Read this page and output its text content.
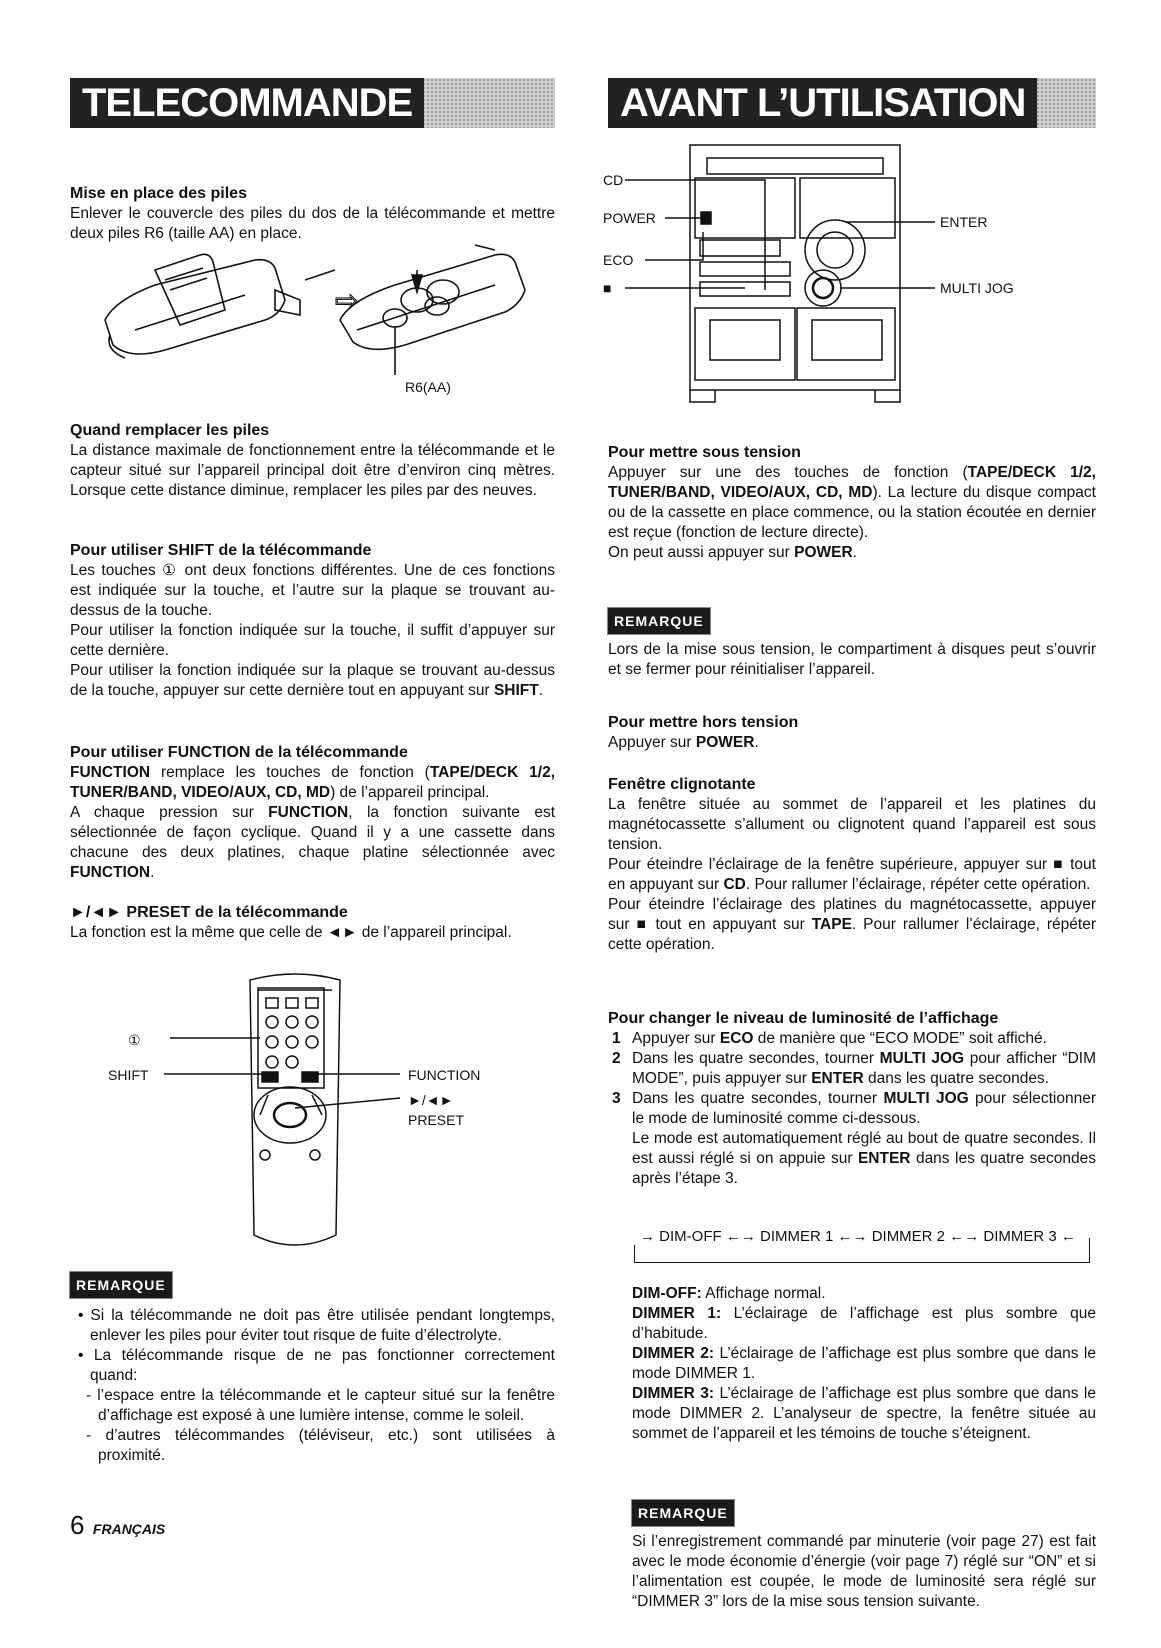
TELECOMMANDE	AVANT L’UTILISATION
Mise en place des piles

Enlever le couvercle des piles du dos de la télécommande et mettre deux piles R6 (taille AA) en place.

⇨
R6(AA)
Quand remplacer les piles

La distance maximale de fonctionnement entre la télécommande et le capteur situé sur l’appareil principal doit être d’environ cinq mètres. Lorsque cette distance diminue, remplacer les piles par des neuves.

Pour utiliser SHIFT de la télécommande

Les touches ① ont deux fonctions différentes. Une de ces fonctions est indiquée sur la touche, et l’autre sur la plaque se trouvant au-dessus de la touche.

Pour utiliser la fonction indiquée sur la touche, il suffit d’appuyer sur cette dernière.

Pour utiliser la fonction indiquée sur la plaque se trouvant au-dessus de la touche, appuyer sur cette dernière tout en appuyant sur SHIFT.

Pour utiliser FUNCTION de la télécommande

FUNCTION remplace les touches de fonction (TAPE/DECK 1/2, TUNER/BAND, VIDEO/AUX, CD, MD) de l’appareil principal.

A chaque pression sur FUNCTION, la fonction suivante est sélectionnée de façon cyclique. Quand il y a une cassette dans chacune des deux platines, chaque platine sélectionnée avec FUNCTION.

►/◄► PRESET de la télécommande

La fonction est la même que celle de ◄► de l’appareil principal.

①
SHIFT	FUNCTION
►/◄►
PRESET
REMARQUE

• Si la télécommande ne doit pas être utilisée pendant longtemps, enlever les piles pour éviter tout risque de fuite d’électrolyte.

• La télécommande risque de ne pas fonctionner correctement quand:

- l’espace entre la télécommande et le capteur situé sur la fenêtre d’affichage est exposé à une lumière intense, comme le soleil.

- d’autres télécommandes (téléviseur, etc.) sont utilisées à proximité.

6 FRANÇAIS
CD
POWER
ECO
■
ENTER
MULTI JOG
Pour mettre sous tension

Appuyer sur une des touches de fonction (TAPE/DECK 1/2, TUNER/BAND, VIDEO/AUX, CD, MD). La lecture du disque compact ou de la cassette en place commence, ou la station écoutée en dernier est reçue (fonction de lecture directe).

On peut aussi appuyer sur POWER.

REMARQUE

Lors de la mise sous tension, le compartiment à disques peut s’ouvrir et se fermer pour réinitialiser l’appareil.

Pour mettre hors tension

Appuyer sur POWER.

Fenêtre clignotante

La fenêtre située au sommet de l’appareil et les platines du magnétocassette s’allument ou clignotent quand l’appareil est sous tension.

Pour éteindre l’éclairage de la fenêtre supérieure, appuyer sur ■ tout en appuyant sur CD. Pour rallumer l’éclairage, répéter cette opération.

Pour éteindre l’éclairage des platines du magnétocassette, appuyer sur ■ tout en appuyant sur TAPE. Pour rallumer l’éclairage, répéter cette opération.

Pour changer le niveau de luminosité de l’affichage
1 Appuyer sur ECO de manière que “ECO MODE” soit affiché.
2 Dans les quatre secondes, tourner MULTI JOG pour afficher “DIM MODE”, puis appuyer sur ENTER dans les quatre secondes.
3 Dans les quatre secondes, tourner MULTI JOG pour sélectionner le mode de luminosité comme ci-dessous.
Le mode est automatiquement réglé au bout de quatre secondes. Il est aussi réglé si on appuie sur ENTER dans les quatre secondes après l’étape 3.
→ DIM-OFF ←→ DIMMER 1 ←→ DIMMER 2 ←→ DIMMER 3 ←

DIM-OFF: Affichage normal.

DIMMER 1: L’éclairage de l’affichage est plus sombre que d’habitude.

DIMMER 2: L’éclairage de l’affichage est plus sombre que dans le mode DIMMER 1.

DIMMER 3: L’éclairage de l’affichage est plus sombre que dans le mode DIMMER 2. L’analyseur de spectre, la fenêtre située au sommet de l’appareil et les témoins de touche s’éteignent.

REMARQUE

Si l’enregistrement commandé par minuterie (voir page 27) est fait avec le mode économie d’énergie (voir page 7) réglé sur “ON” et si l’alimentation est coupée, le mode de luminosité sera réglé sur “DIMMER 3” lors de la mise sous tension suivante.
